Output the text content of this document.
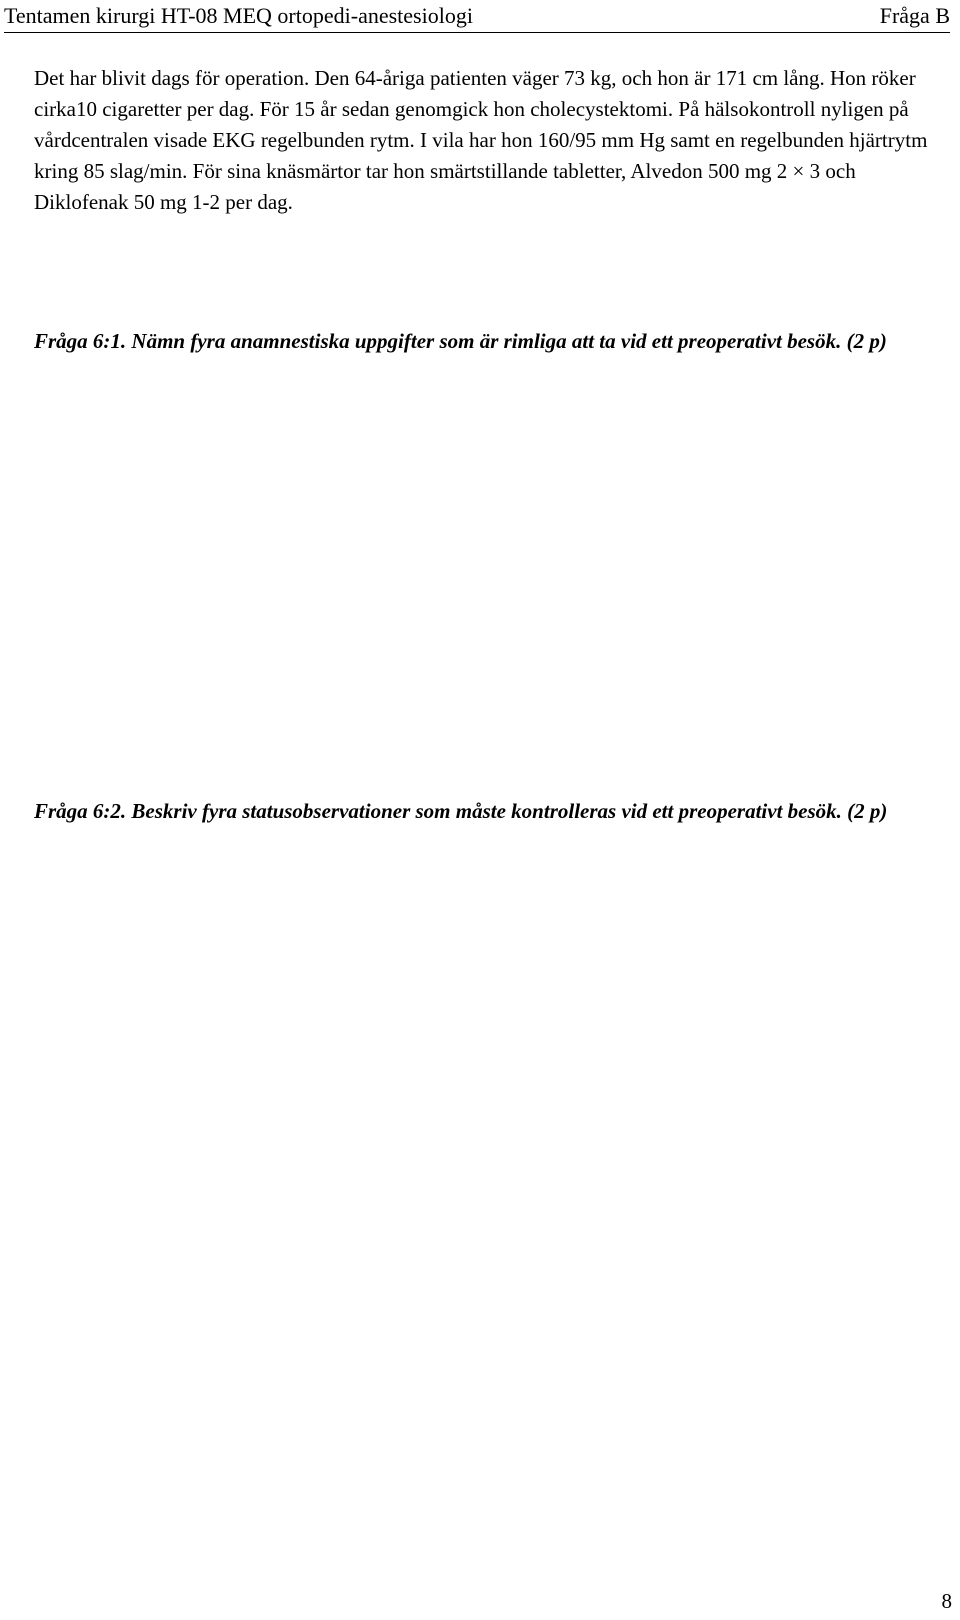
Tentamen kirurgi HT-08 MEQ ortopedi-anestesiologi	Fråga B

Det har blivit dags för operation. Den 64-åriga patienten väger 73 kg, och hon är 171 cm lång. Hon röker cirka10 cigaretter per dag. För 15 år sedan genomgick hon cholecystektomi. På hälsokontroll nyligen på vårdcentralen visade EKG regelbunden rytm. I vila har hon 160/95 mm Hg samt en regelbunden hjärtrytm kring 85 slag/min. För sina knäsmärtor tar hon smärtstillande tabletter, Alvedon 500 mg 2 × 3 och Diklofenak 50 mg 1-2 per dag.

Fråga 6:1. Nämn fyra anamnestiska uppgifter som är rimliga att ta vid ett preoperativt besök. (2 p)

Fråga 6:2. Beskriv fyra statusobservationer som måste kontrolleras vid ett preoperativt besök. (2 p)

8
